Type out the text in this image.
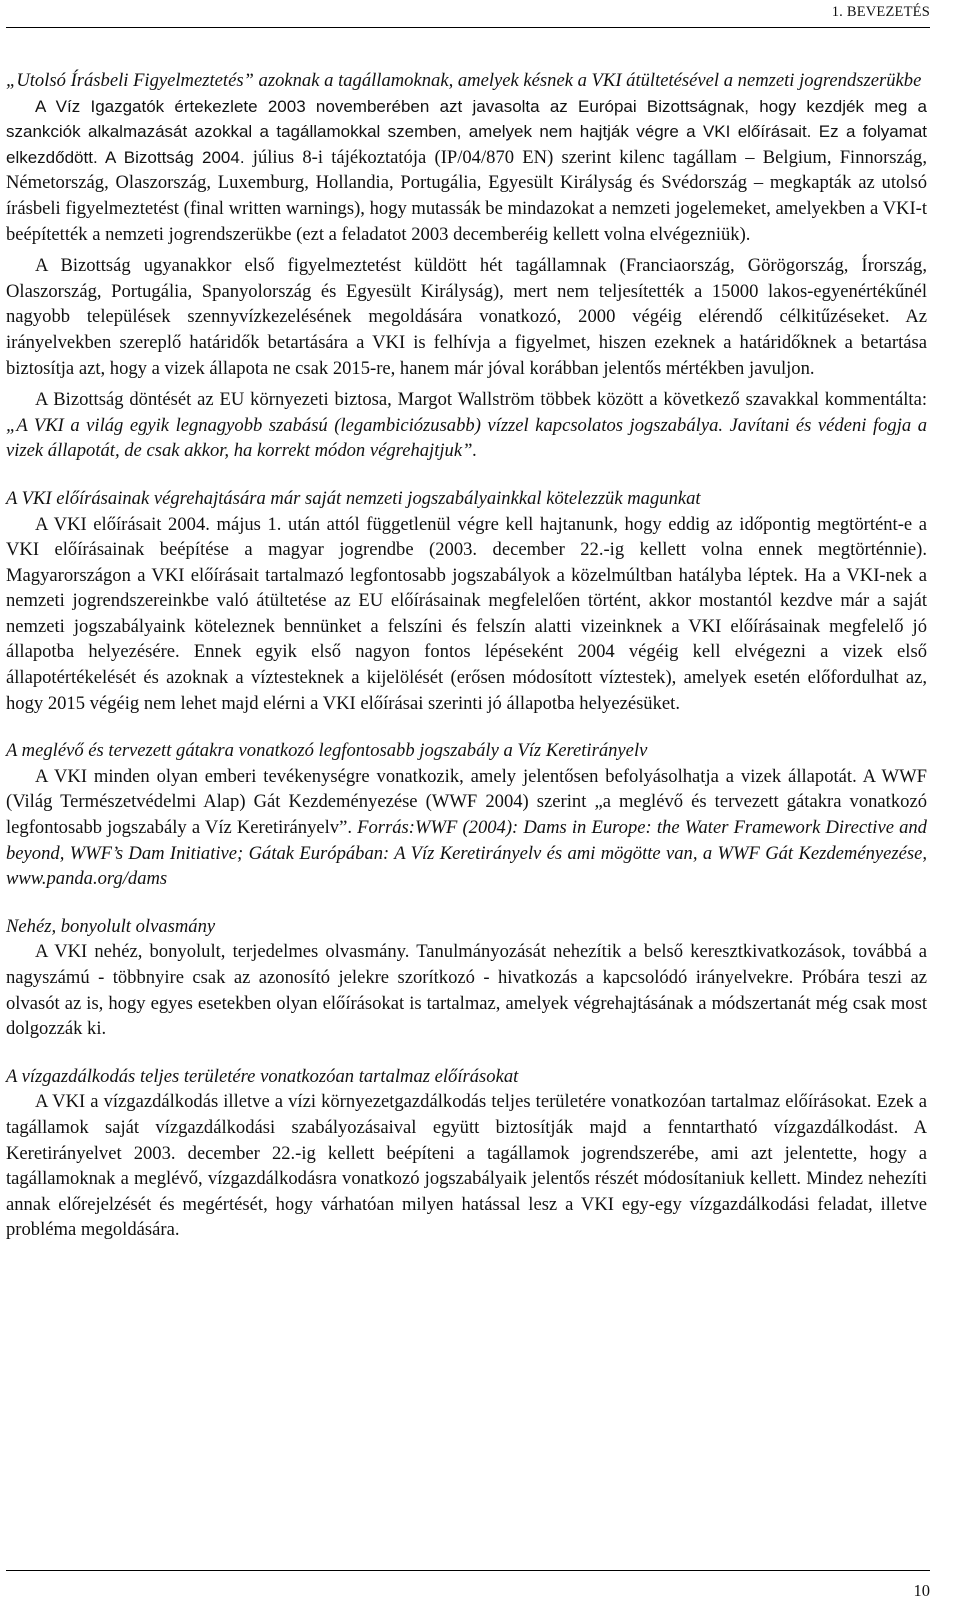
1. BEVEZETÉS

„Utolsó Írásbeli Figyelmeztetés” azoknak a tagállamoknak, amelyek késnek a VKI átültetésével a nemzeti jogrendszerükbe

A Víz Igazgatók értekezlete 2003 novemberében azt javasolta az Európai Bizottságnak, hogy kezdjék meg a szankciók alkalmazását azokkal a tagállamokkal szemben, amelyek nem hajtják végre a VKI előírásait. Ez a folyamat elkezdődött. A Bizottság 2004. július 8-i tájékoztatója (IP/04/870 EN) szerint kilenc tagállam ‒ Belgium, Finnország, Németország, Olaszország, Luxemburg, Hollandia, Portugália, Egyesült Királyság és Svédország ‒ megkapták az utolsó írásbeli figyelmeztetést (final written warnings), hogy mutassák be mindazokat a nemzeti jogelemeket, amelyekben a VKI-t beépítették a nemzeti jogrendszerükbe (ezt a feladatot 2003 decemberéig kellett volna elvégezniük).

A Bizottság ugyanakkor első figyelmeztetést küldött hét tagállamnak (Franciaország, Görögország, Írország, Olaszország, Portugália, Spanyolország és Egyesült Királyság), mert nem teljesítették a 15000 lakos-egyenértékűnél nagyobb települések szennyvízkezelésének megoldására vonatkozó, 2000 végéig elérendő célkitűzéseket. Az irányelvekben szereplő határidők betartására a VKI is felhívja a figyelmet, hiszen ezeknek a határidőknek a betartása biztosítja azt, hogy a vizek állapota ne csak 2015-re, hanem már jóval korábban jelentős mértékben javuljon.

A Bizottság döntését az EU környezeti biztosa, Margot Wallström többek között a következő szavakkal kommentálta: „A VKI a világ egyik legnagyobb szabású (legambiciózusabb) vízzel kapcsolatos jogszabálya. Javítani és védeni fogja a vizek állapotát, de csak akkor, ha korrekt módon végrehajtjuk”.

A VKI előírásainak végrehajtására már saját nemzeti jogszabályainkkal kötelezzük magunkat

A VKI előírásait 2004. május 1. után attól függetlenül végre kell hajtanunk, hogy eddig az időpontig megtörtént-e a VKI előírásainak beépítése a magyar jogrendbe (2003. december 22.-ig kellett volna ennek megtörténnie). Magyarországon a VKI előírásait tartalmazó legfontosabb jogszabályok a közelmúltban hatályba léptek. Ha a VKI-nek a nemzeti jogrendszereinkbe való átültetése az EU előírásainak megfelelően történt, akkor mostantól kezdve már a saját nemzeti jogszabályaink köteleznek bennünket a felszíni és felszín alatti vizeinknek a VKI előírásainak megfelelő jó állapotba helyezésére. Ennek egyik első nagyon fontos lépéseként 2004 végéig kell elvégezni a vizek első állapotértékelését és azoknak a víztesteknek a kijelölését (erősen módosított víztestek), amelyek esetén előfordulhat az, hogy 2015 végéig nem lehet majd elérni a VKI előírásai szerinti jó állapotba helyezésüket.

A meglévő és tervezett gátakra vonatkozó legfontosabb jogszabály a Víz Keretirányelv

A VKI minden olyan emberi tevékenységre vonatkozik, amely jelentősen befolyásolhatja a vizek állapotát. A WWF (Világ Természetvédelmi Alap) Gát Kezdeményezése (WWF 2004) szerint „a meglévő és tervezett gátakra vonatkozó legfontosabb jogszabály a Víz Keretirányelv”. Forrás:WWF (2004): Dams in Europe: the Water Framework Directive and beyond, WWF’s Dam Initiative; Gátak Európában: A Víz Keretirányelv és ami mögötte van, a WWF Gát Kezdeményezése, www.panda.org/dams

Nehéz, bonyolult olvasmány

A VKI nehéz, bonyolult, terjedelmes olvasmány. Tanulmányozását nehezítik a belső keresztkivatkozások, továbbá a nagyszámú - többnyire csak az azonosító jelekre szorítkozó - hivatkozás a kapcsolódó irányelvekre. Próbára teszi az olvasót az is, hogy egyes esetekben olyan előírásokat is tartalmaz, amelyek végrehajtásának a módszertanát még csak most dolgozzák ki.

A vízgazdálkodás teljes területére vonatkozóan tartalmaz előírásokat

A VKI a vízgazdálkodás illetve a vízi környezetgazdálkodás teljes területére vonatkozóan tartalmaz előírásokat. Ezek a tagállamok saját vízgazdálkodási szabályozásaival együtt biztosítják majd a fenntartható vízgazdálkodást. A Keretirányelvet 2003. december 22.-ig kellett beépíteni a tagállamok jogrendszerébe, ami azt jelentette, hogy a tagállamoknak a meglévő, vízgazdálkodásra vonatkozó jogszabályaik jelentős részét módosítaniuk kellett. Mindez nehezíti annak előrejelzését és megértését, hogy várhatóan milyen hatással lesz a VKI egy-egy vízgazdálkodási feladat, illetve probléma megoldására.

10
